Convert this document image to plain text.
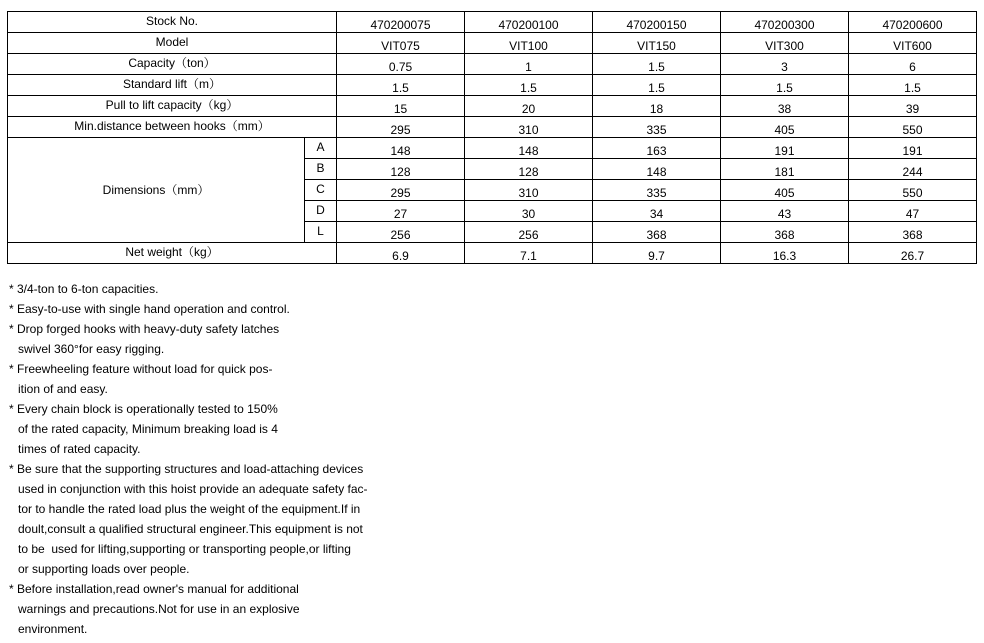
Stock No.		470200075	470200100	470200150	470200300	470200600
Model		VIT075	VIT100	VIT150	VIT300	VIT600
Capacity（ton）		0.75	1	1.5	3	6
Standard lift（m）		1.5	1.5	1.5	1.5	1.5
Pull to lift capacity（kg）		15	20	18	38	39
Min.distance between hooks（mm）		295	310	335	405	550
Dimensions（mm）	A	148	148	163	191	191
	B	128	128	148	181	244
	C	295	310	335	405	550
	D	27	30	34	43	47
	L	256	256	368	368	368
Net weight（kg）		6.9	7.1	9.7	16.3	26.7
* 3/4-ton to 6-ton capacities.
* Easy-to-use with single hand operation and control.
* Drop forged hooks with heavy-duty safety latches
swivel 360°for easy rigging.
* Freewheeling feature without load for quick pos-
ition of and easy.
* Every chain block is operationally tested to 150%
of the rated capacity, Minimum breaking load is 4
times of rated capacity.
* Be sure that the supporting structures and load-attaching devices
used in conjunction with this hoist provide an adequate safety fac-
tor to handle the rated load plus the weight of the equipment.If in
doult,consult a qualified structural engineer.This equipment is not
to be  used for lifting,supporting or transporting people,or lifting
or supporting loads over people.
* Before installation,read owner's manual for additional
warnings and precautions.Not for use in an explosive
environment.
